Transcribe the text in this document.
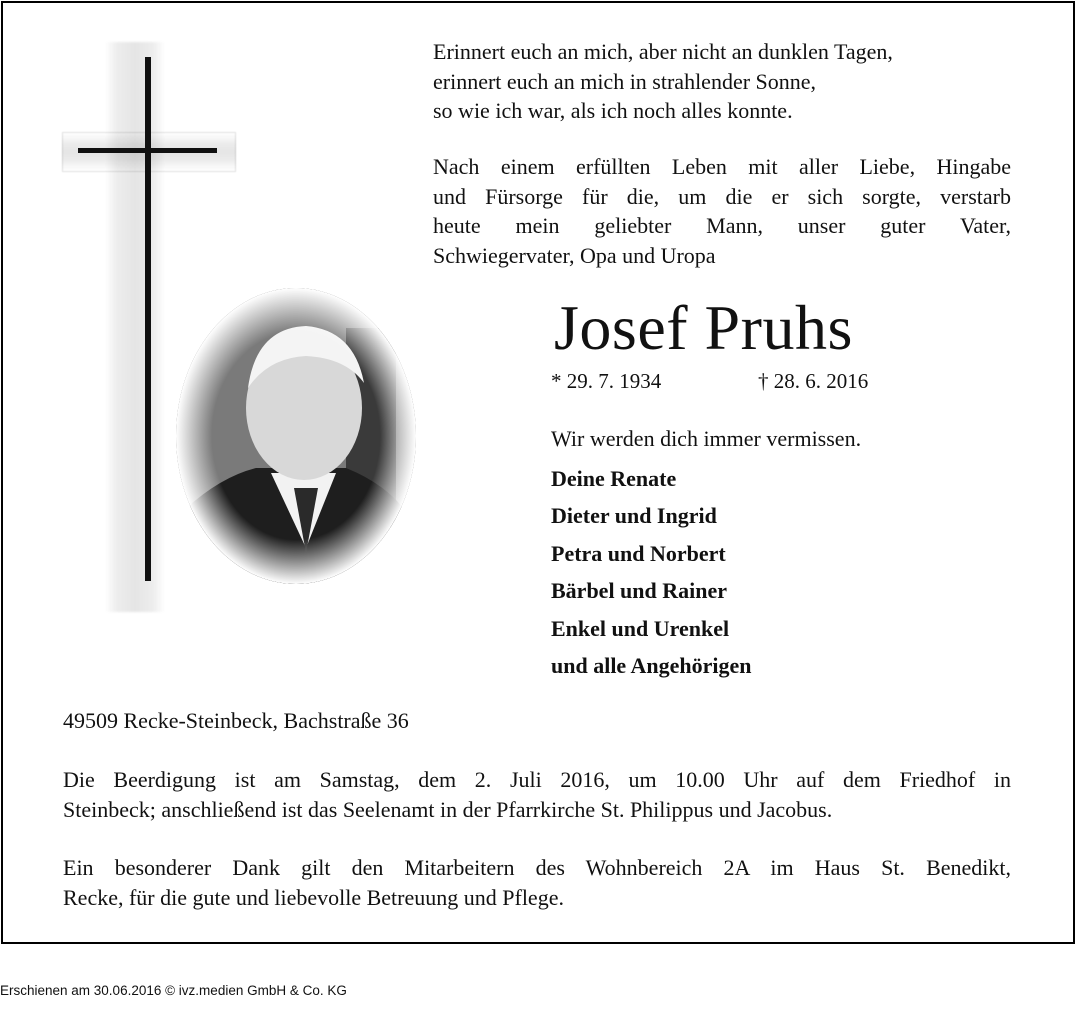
Erinnert euch an mich, aber nicht an dunklen Tagen,
erinnert euch an mich in strahlender Sonne,
so wie ich war, als ich noch alles konnte.
Nach einem erfüllten Leben mit aller Liebe, Hingabe
und Fürsorge für die, um die er sich sorgte, verstarb
heute mein geliebter Mann, unser guter Vater,
Schwiegervater, Opa und Uropa
Josef Pruhs
* 29. 7. 1934	† 28. 6. 2016
Wir werden dich immer vermissen.
Deine Renate
Dieter und Ingrid
Petra und Norbert
Bärbel und Rainer
Enkel und Urenkel
und alle Angehörigen
49509 Recke-Steinbeck, Bachstraße 36
Die Beerdigung ist am Samstag, dem 2. Juli 2016, um 10.00 Uhr auf dem Friedhof in
Steinbeck; anschließend ist das Seelenamt in der Pfarrkirche St. Philippus und Jacobus.
Ein besonderer Dank gilt den Mitarbeitern des Wohnbereich 2A im Haus St. Benedikt,
Recke, für die gute und liebevolle Betreuung und Pflege.
Erschienen am 30.06.2016 © ivz.medien GmbH & Co. KG
